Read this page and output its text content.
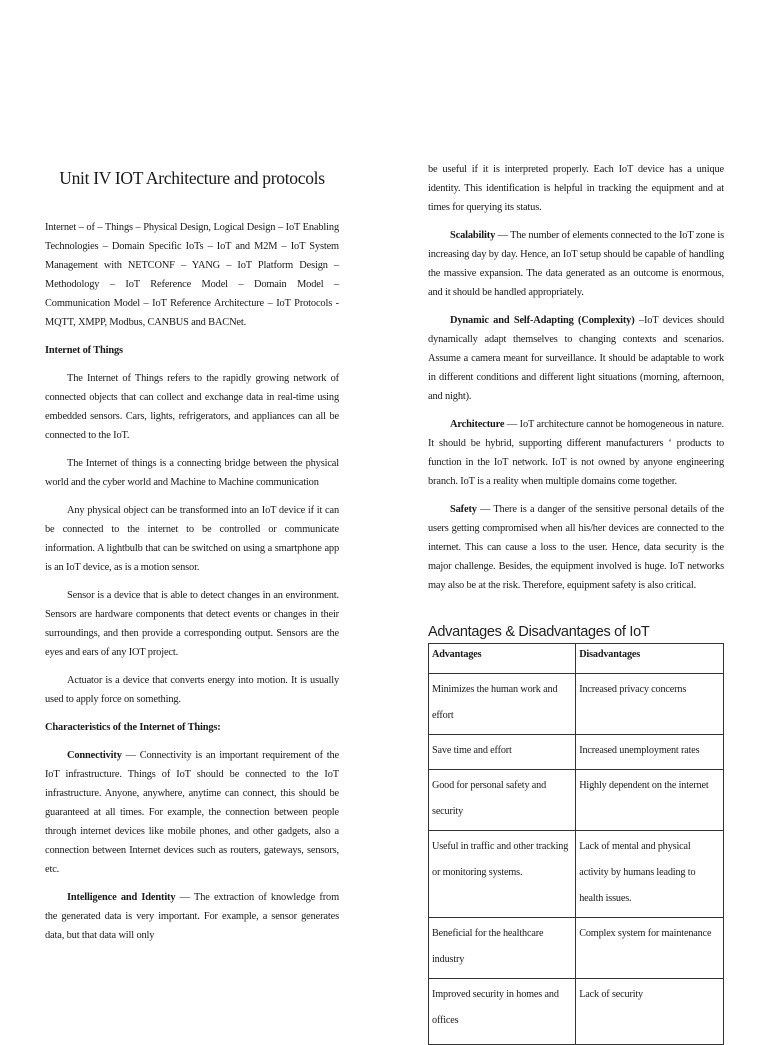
Unit IV IOT Architecture and protocols

Internet – of – Things – Physical Design, Logical Design – IoT Enabling Technologies – Domain Specific IoTs – IoT and M2M – IoT System Management with NETCONF – YANG – IoT Platform Design – Methodology – IoT Reference Model – Domain Model – Communication Model – IoT Reference Architecture – IoT Protocols - MQTT, XMPP, Modbus, CANBUS and BACNet.

Internet of Things

The Internet of Things refers to the rapidly growing network of connected objects that can collect and exchange data in real-time using embedded sensors. Cars, lights, refrigerators, and appliances can all be connected to the IoT.

The Internet of things is a connecting bridge between the physical world and the cyber world and Machine to Machine communication

Any physical object can be transformed into an IoT device if it can be connected to the internet to be controlled or communicate information. A lightbulb that can be switched on using a smartphone app is an IoT device, as is a motion sensor.

Sensor is a device that is able to detect changes in an environment. Sensors are hardware components that detect events or changes in their surroundings, and then provide a corresponding output. Sensors are the eyes and ears of any IOT project.

Actuator is a device that converts energy into motion. It is usually used to apply force on something.

Characteristics of the Internet of Things:

Connectivity — Connectivity is an important requirement of the IoT infrastructure. Things of IoT should be connected to the IoT infrastructure. Anyone, anywhere, anytime can connect, this should be guaranteed at all times. For example, the connection between people through internet devices like mobile phones, and other gadgets, also a connection between Internet devices such as routers, gateways, sensors, etc.

Intelligence and Identity — The extraction of knowledge from the generated data is very important. For example, a sensor generates data, but that data will only

be useful if it is interpreted properly. Each IoT device has a unique identity. This identification is helpful in tracking the equipment and at times for querying its status.

Scalability — The number of elements connected to the IoT zone is increasing day by day. Hence, an IoT setup should be capable of handling the massive expansion. The data generated as an outcome is enormous, and it should be handled appropriately.

Dynamic and Self-Adapting (Complexity) –IoT devices should dynamically adapt themselves to changing contexts and scenarios. Assume a camera meant for surveillance. It should be adaptable to work in different conditions and different light situations (morning, afternoon, and night).

Architecture — IoT architecture cannot be homogeneous in nature. It should be hybrid, supporting different manufacturers ‘ products to function in the IoT network. IoT is not owned by anyone engineering branch. IoT is a reality when multiple domains come together.

Safety — There is a danger of the sensitive personal details of the users getting compromised when all his/her devices are connected to the internet. This can cause a loss to the user. Hence, data security is the major challenge. Besides, the equipment involved is huge. IoT networks may also be at the risk. Therefore, equipment safety is also critical.

Advantages & Disadvantages of IoT
Advantages	Disadvantages
Minimizes the human work and effort	Increased privacy concerns
Save time and effort	Increased unemployment rates
Good for personal safety and security	Highly dependent on the internet
Useful in traffic and other tracking or monitoring systems.	Lack of mental and physical activity by humans leading to health issues.
Beneficial for the healthcare industry	Complex system for maintenance
Improved security in homes and offices	Lack of security
